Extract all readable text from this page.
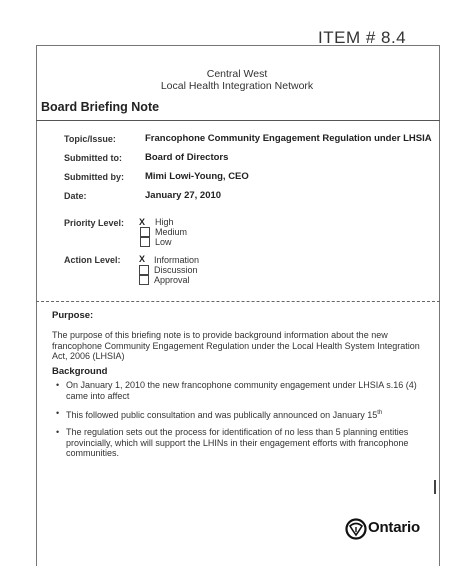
ITEM # 8.4
Central West
Local Health Integration Network
Board Briefing Note
Topic/Issue:	Francophone Community Engagement Regulation under LHSIA
Submitted to: Board of Directors
Submitted by: Mimi Lowi-Young, CEO
Date:	January 27, 2010
Priority Level: X High
Medium
Low
Action Level: X Information
Discussion
Approval
Purpose:
The purpose of this briefing note is to provide background information about the new francophone Community Engagement Regulation under the Local Health System Integration Act, 2006 (LHSIA)
Background
• On January 1, 2010 the new francophone community engagement under LHSIA s.16 (4) came into affect
• This followed public consultation and was publically announced on January 15th
• The regulation sets out the process for identification of no less than 5 planning entities provincially, which will support the LHINs in their engagement efforts with francophone communities.
Ontario
